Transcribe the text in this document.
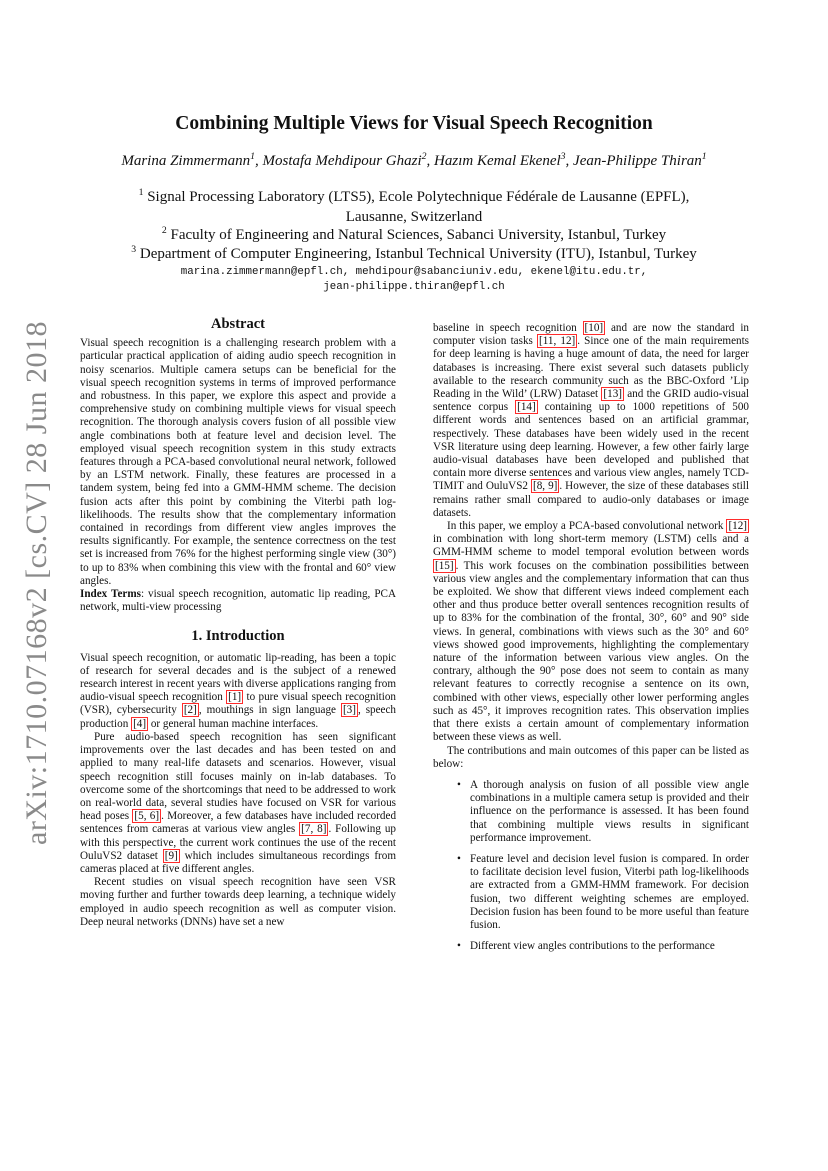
arXiv:1710.07168v2 [cs.CV] 28 Jun 2018
Combining Multiple Views for Visual Speech Recognition
Marina Zimmermann$^1$, Mostafa Mehdipour Ghazi$^2$, Hazım Kemal Ekenel$^3$, Jean-Philippe Thiran$^1$
$^1$ Signal Processing Laboratory (LTS5), Ecole Polytechnique Fédérale de Lausanne (EPFL),
Lausanne, Switzerland
$^2$ Faculty of Engineering and Natural Sciences, Sabanci University, Istanbul, Turkey
$^3$ Department of Computer Engineering, Istanbul Technical University (ITU), Istanbul, Turkey
marina.zimmermann@epfl.ch, mehdipour@sabanciuniv.edu, ekenel@itu.edu.tr,
jean-philippe.thiran@epfl.ch
Abstract

Visual speech recognition is a challenging research problem with a particular practical application of aiding audio speech recognition in noisy scenarios. Multiple camera setups can be beneficial for the visual speech recognition systems in terms of improved performance and robustness. In this paper, we explore this aspect and provide a comprehensive study on combining multiple views for visual speech recognition. The thorough analysis covers fusion of all possible view angle combinations both at feature level and decision level. The employed visual speech recognition system in this study extracts features through a PCA-based convolutional neural network, followed by an LSTM network. Finally, these features are processed in a tandem system, being fed into a GMM-HMM scheme. The decision fusion acts after this point by combining the Viterbi path log-likelihoods. The results show that the complementary information contained in recordings from different view angles improves the results significantly. For example, the sentence correctness on the test set is increased from 76% for the highest performing single view (30°) to up to 83% when combining this view with the frontal and 60° view angles.

Index Terms: visual speech recognition, automatic lip reading, PCA network, multi-view processing

1. Introduction

Visual speech recognition, or automatic lip-reading, has been a topic of research for several decades and is the subject of a renewed research interest in recent years with diverse applications ranging from audio-visual speech recognition [1] to pure visual speech recognition (VSR), cybersecurity [2] , mouthings in sign language [3] , speech production [4] or general human machine interfaces.

Pure audio-based speech recognition has seen significant improvements over the last decades and has been tested on and applied to many real-life datasets and scenarios. However, visual speech recognition still focuses mainly on in-lab databases. To overcome some of the shortcomings that need to be addressed to work on real-world data, several studies have focused on VSR for various head poses [5, 6] . Moreover, a few databases have included recorded sentences from cameras at various view angles [7, 8] . Following up with this perspective, the current work continues the use of the recent OuluVS2 dataset [9] which includes simultaneous recordings from cameras placed at five different angles.

Recent studies on visual speech recognition have seen VSR moving further and further towards deep learning, a technique widely employed in audio speech recognition as well as computer vision. Deep neural networks (DNNs) have set a new

baseline in speech recognition [10] and are now the standard in computer vision tasks [11, 12] . Since one of the main requirements for deep learning is having a huge amount of data, the need for larger databases is increasing. There exist several such datasets publicly available to the research community such as the BBC-Oxford ’Lip Reading in the Wild’ (LRW) Dataset [13] and the GRID audio-visual sentence corpus [14] containing up to 1000 repetitions of 500 different words and sentences based on an artificial grammar, respectively. These databases have been widely used in the recent VSR literature using deep learning. However, a few other fairly large audio-visual databases have been developed and published that contain more diverse sentences and various view angles, namely TCD-TIMIT and OuluVS2 [8, 9] . However, the size of these databases still remains rather small compared to audio-only databases or image datasets.

In this paper, we employ a PCA-based convolutional network [12] in combination with long short-term memory (LSTM) cells and a GMM-HMM scheme to model temporal evolution between words [15] . This work focuses on the combination possibilities between various view angles and the complementary information that can thus be exploited. We show that different views indeed complement each other and thus produce better overall sentences recognition results of up to 83% for the combination of the frontal, 30°, 60° and 90° side views. In general, combinations with views such as the 30° and 60° views showed good improvements, highlighting the complementary nature of the information between various view angles. On the contrary, although the 90° pose does not seem to contain as many relevant features to correctly recognise a sentence on its own, combined with other views, especially other lower performing angles such as 45°, it improves recognition rates. This observation implies that there exists a certain amount of complementary information between these views as well.

The contributions and main outcomes of this paper can be listed as below:

• A thorough analysis on fusion of all possible view angle combinations in a multiple camera setup is provided and their influence on the performance is assessed. It has been found that combining multiple views results in significant performance improvement.
• Feature level and decision level fusion is compared. In order to facilitate decision level fusion, Viterbi path log-likelihoods are extracted from a GMM-HMM framework. For decision fusion, two different weighting schemes are employed. Decision fusion has been found to be more useful than feature fusion.
• Different view angles contributions to the performance
